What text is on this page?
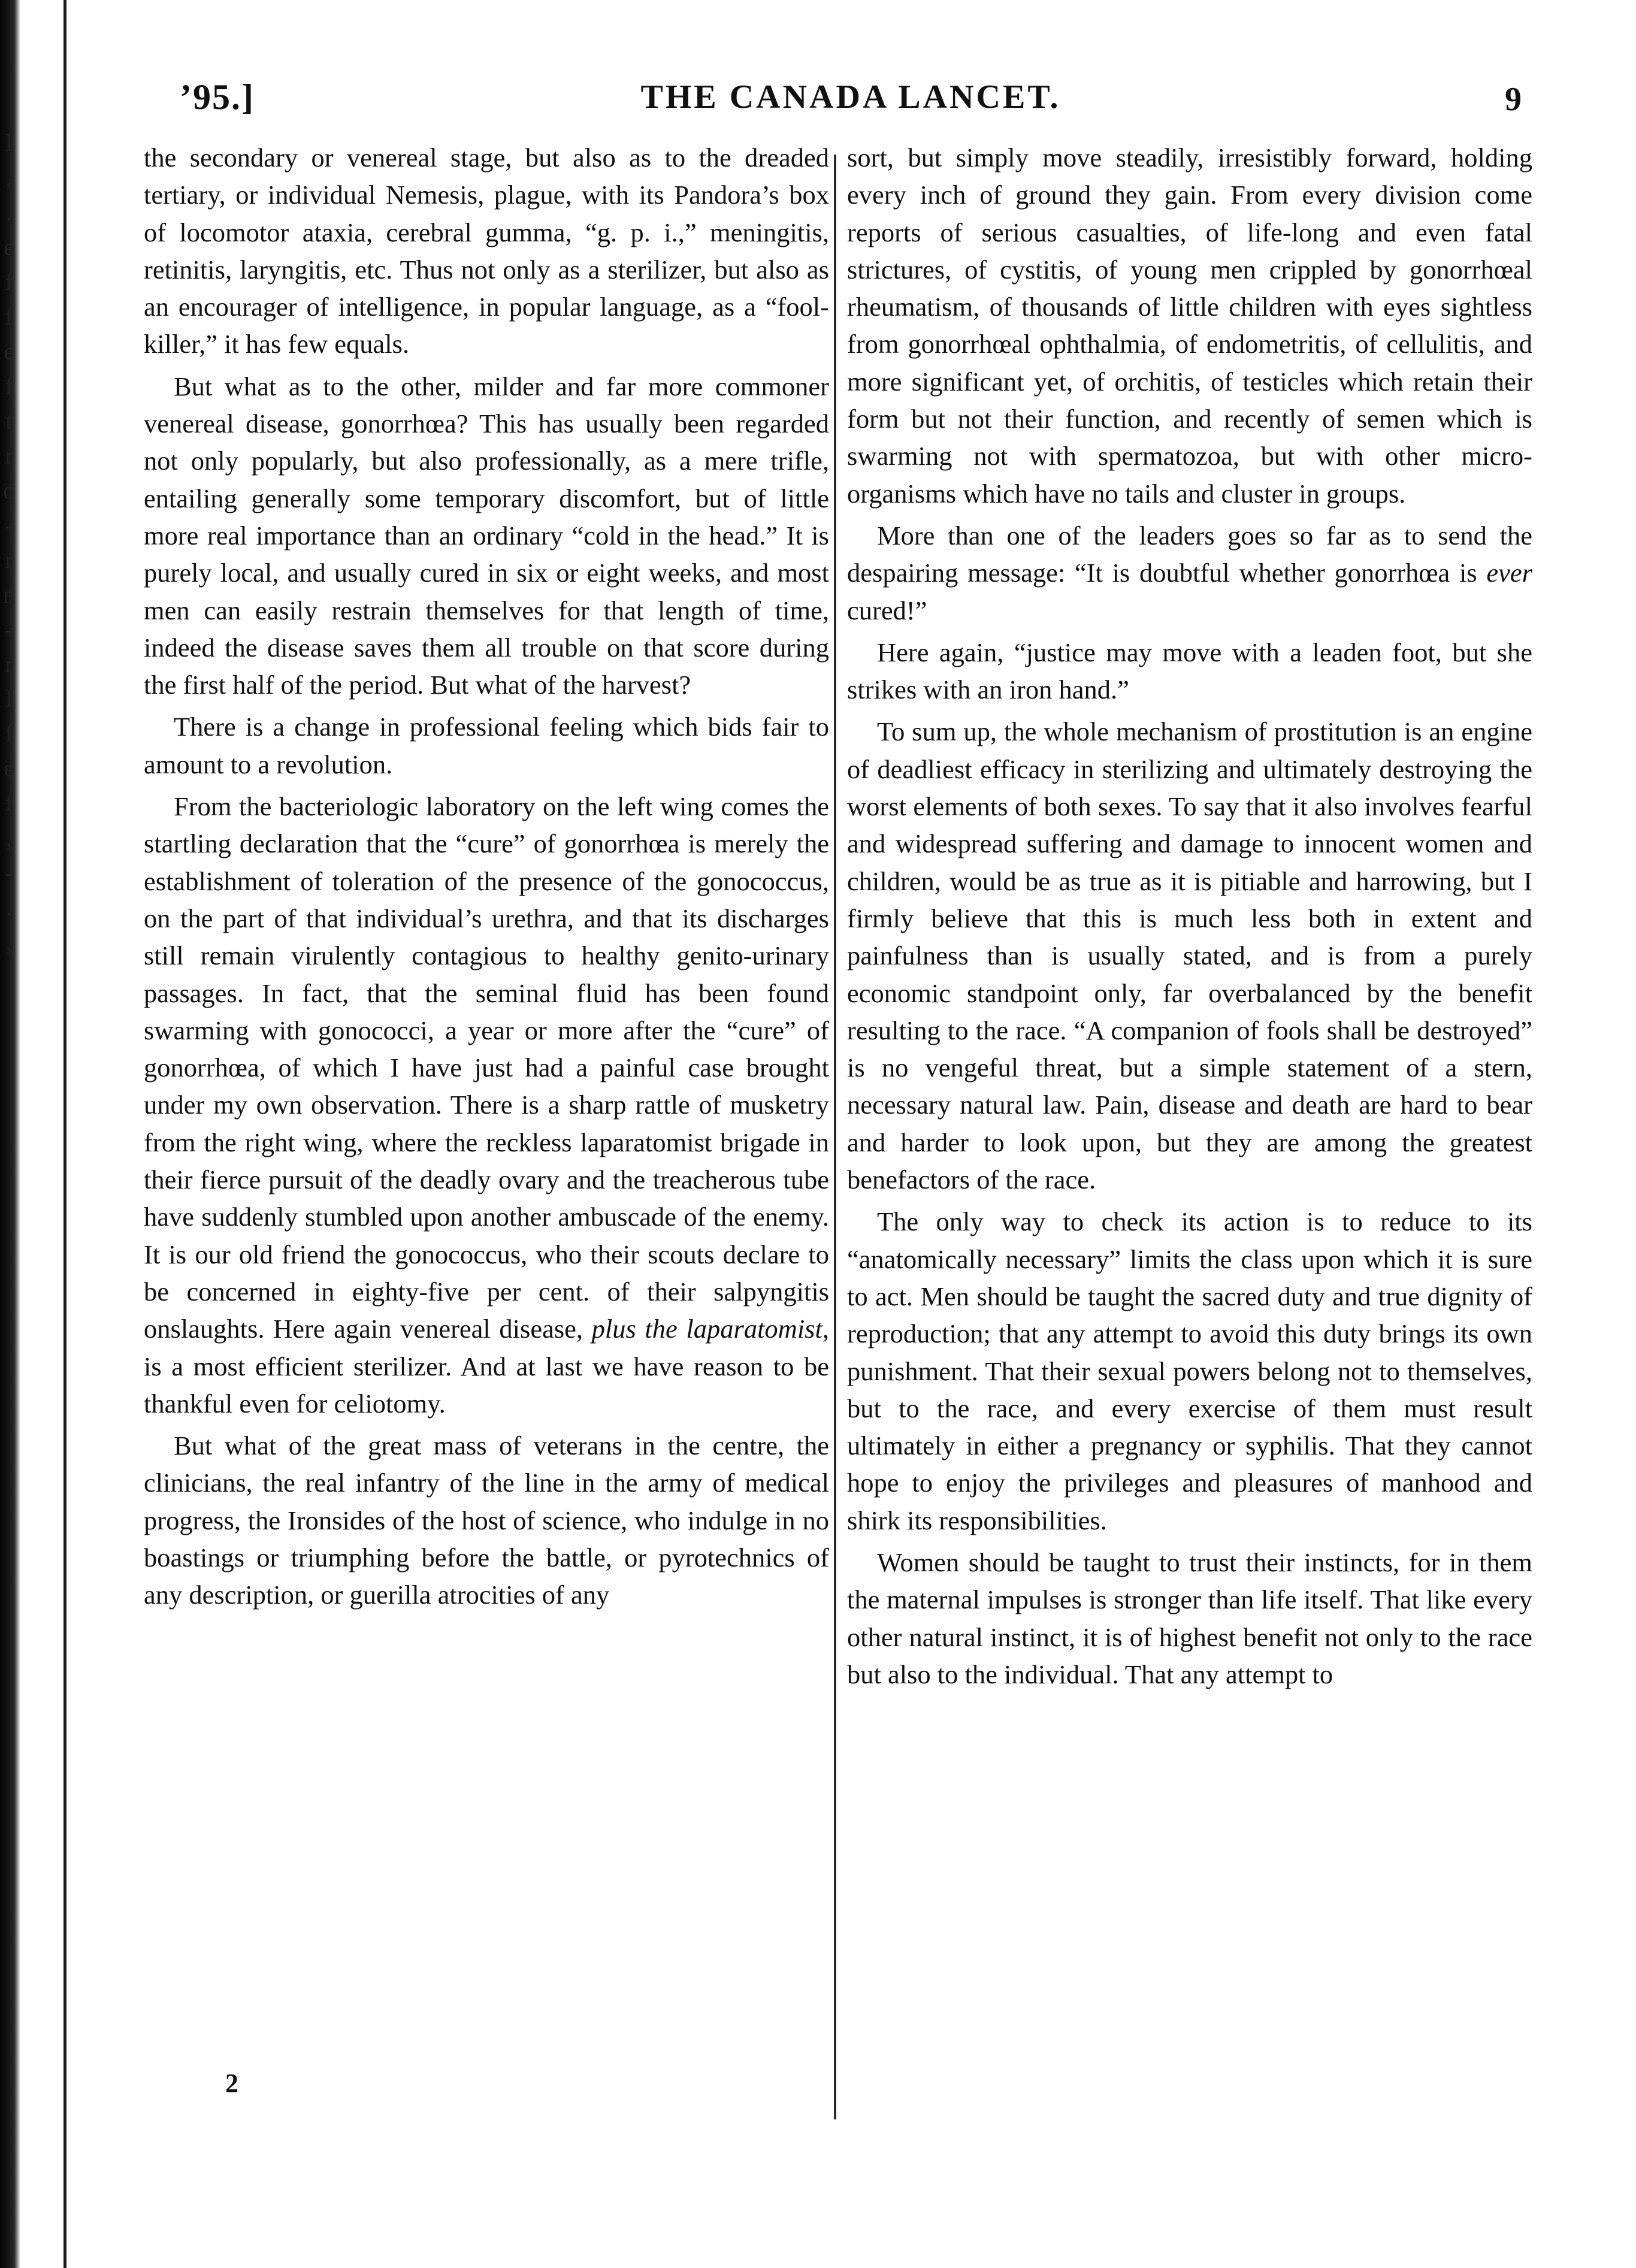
l
,
.
e
f
f
e
f
t
r
o
-
r
n
-
r
l
f
e
f
,
-
.
,
THE CANADA LANCET.
’95.]	9

the secondary or venereal stage, but also as to the dreaded tertiary, or individual Nemesis, plague, with its Pandora’s box of locomotor ataxia, cerebral gumma, “g. p. i.,” meningitis, retinitis, laryngitis, etc. Thus not only as a sterilizer, but also as an encourager of intelligence, in popular language, as a “fool-killer,” it has few equals.

But what as to the other, milder and far more commoner venereal disease, gonorrhœa? This has usually been regarded not only popularly, but also professionally, as a mere trifle, entailing generally some temporary discomfort, but of little more real importance than an ordinary “cold in the head.” It is purely local, and usually cured in six or eight weeks, and most men can easily restrain themselves for that length of time, indeed the disease saves them all trouble on that score during the first half of the period. But what of the harvest?

There is a change in professional feeling which bids fair to amount to a revolution.

From the bacteriologic laboratory on the left wing comes the startling declaration that the “cure” of gonorrhœa is merely the establishment of toleration of the presence of the gonococcus, on the part of that individual’s urethra, and that its discharges still remain virulently contagious to healthy genito-urinary passages. In fact, that the seminal fluid has been found swarming with gonococci, a year or more after the “cure” of gonorrhœa, of which I have just had a painful case brought under my own observation. There is a sharp rattle of musketry from the right wing, where the reckless laparatomist brigade in their fierce pursuit of the deadly ovary and the treacherous tube have suddenly stumbled upon another ambuscade of the enemy. It is our old friend the gonococcus, who their scouts declare to be concerned in eighty-five per cent. of their salpyngitis onslaughts. Here again venereal disease, plus the laparatomist, is a most efficient sterilizer. And at last we have reason to be thankful even for celiotomy.

But what of the great mass of veterans in the centre, the clinicians, the real infantry of the line in the army of medical progress, the Ironsides of the host of science, who indulge in no boastings or triumphing before the battle, or pyrotechnics of any description, or guerilla atrocities of any

sort, but simply move steadily, irresistibly forward, holding every inch of ground they gain. From every division come reports of serious casualties, of life-long and even fatal strictures, of cystitis, of young men crippled by gonorrhœal rheumatism, of thousands of little children with eyes sightless from gonorrhœal ophthalmia, of endometritis, of cellulitis, and more significant yet, of orchitis, of testicles which retain their form but not their function, and recently of semen which is swarming not with spermatozoa, but with other micro-organisms which have no tails and cluster in groups.

More than one of the leaders goes so far as to send the despairing message: “It is doubtful whether gonorrhœa is ever cured!”

Here again, “justice may move with a leaden foot, but she strikes with an iron hand.”

To sum up, the whole mechanism of prostitution is an engine of deadliest efficacy in sterilizing and ultimately destroying the worst elements of both sexes. To say that it also involves fearful and widespread suffering and damage to innocent women and children, would be as true as it is pitiable and harrowing, but I firmly believe that this is much less both in extent and painfulness than is usually stated, and is from a purely economic standpoint only, far overbalanced by the benefit resulting to the race. “A companion of fools shall be destroyed” is no vengeful threat, but a simple statement of a stern, necessary natural law. Pain, disease and death are hard to bear and harder to look upon, but they are among the greatest benefactors of the race.

The only way to check its action is to reduce to its “anatomically necessary” limits the class upon which it is sure to act. Men should be taught the sacred duty and true dignity of reproduction; that any attempt to avoid this duty brings its own punishment. That their sexual powers belong not to themselves, but to the race, and every exercise of them must result ultimately in either a pregnancy or syphilis. That they cannot hope to enjoy the privileges and pleasures of manhood and shirk its responsibilities.

Women should be taught to trust their instincts, for in them the maternal impulses is stronger than life itself. That like every other natural instinct, it is of highest benefit not only to the race but also to the individual. That any attempt to

2
